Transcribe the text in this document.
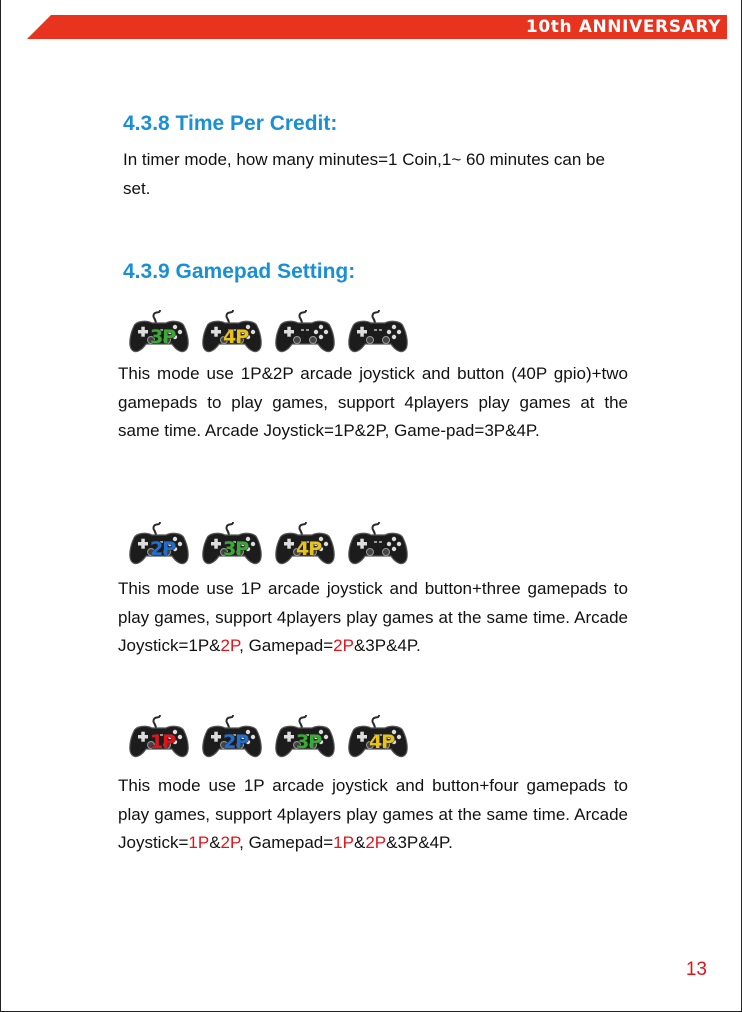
10th ANNIVERSARY
4.3.8 Time Per Credit:

In timer mode, how many minutes=1 Coin,1~ 60 minutes can be set.

4.3.9 Gamepad Setting:
3P	4P

This mode use 1P&2P arcade joystick and button (40P gpio)+two gamepads to play games, support 4players play games at the same time. Arcade Joystick=1P&2P, Game-pad=3P&4P.

2P	3P	4P

This mode use 1P arcade joystick and button+three gamepads to play games, support 4players play games at the same time. Arcade Joystick=1P&2P, Gamepad=2P&3P&4P.

1P	2P	3P	4P

This mode use 1P arcade joystick and button+four gamepads to play games, support 4players play games at the same time. Arcade Joystick=1P&2P, Gamepad=1P&2P&3P&4P.

13
